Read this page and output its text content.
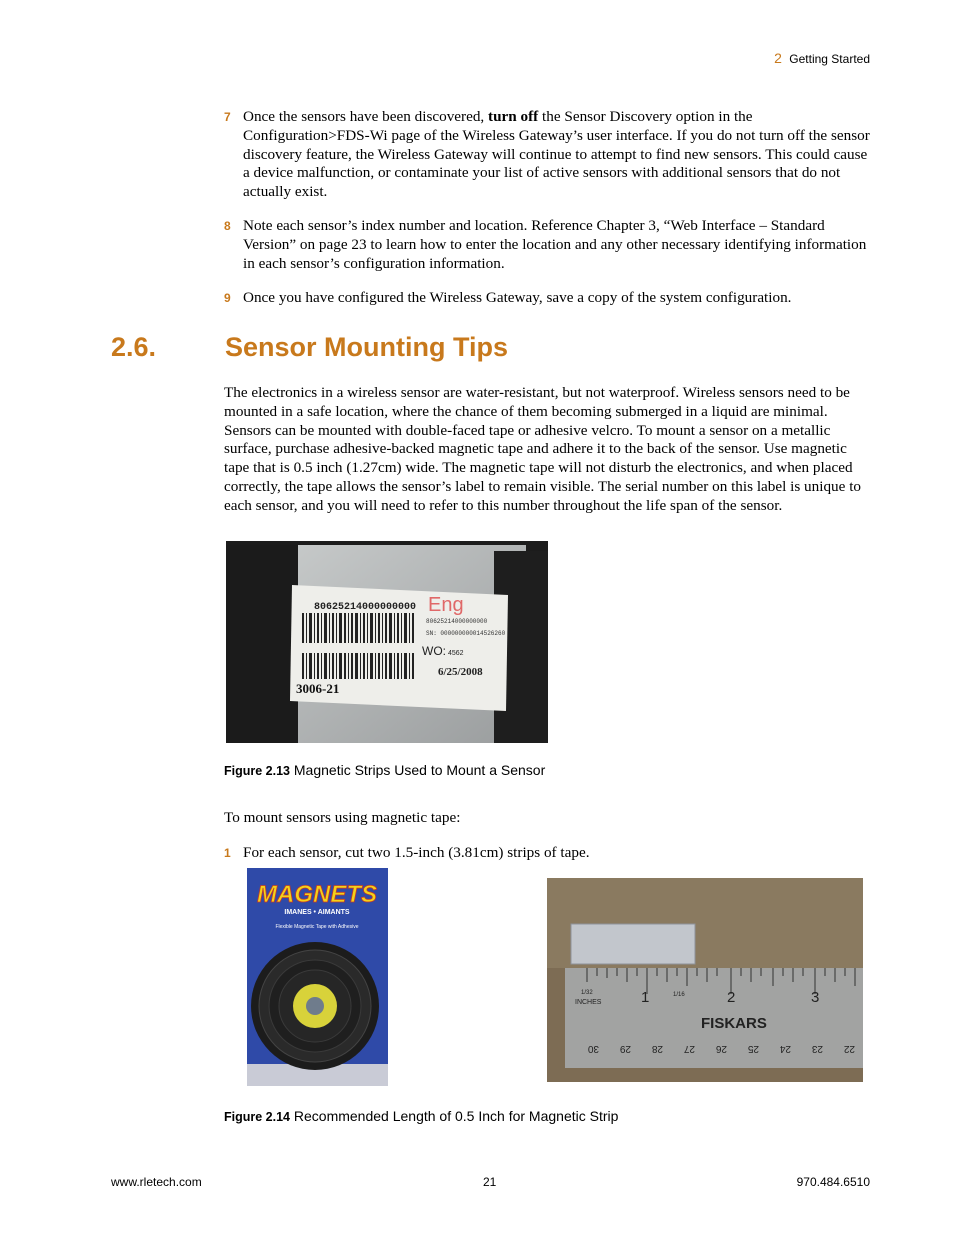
2 Getting Started
7 Once the sensors have been discovered, turn off the Sensor Discovery option in the Configuration>FDS-Wi page of the Wireless Gateway’s user interface. If you do not turn off the sensor discovery feature, the Wireless Gateway will continue to attempt to find new sensors. This could cause a device malfunction, or contaminate your list of active sensors with additional sensors that do not actually exist.
8 Note each sensor’s index number and location. Reference Chapter 3, “Web Interface – Standard Version” on page 23 to learn how to enter the location and any other necessary identifying information in each sensor’s configuration information.
9 Once you have configured the Wireless Gateway, save a copy of the system configuration.
2.6.	Sensor Mounting Tips
The electronics in a wireless sensor are water-resistant, but not waterproof. Wireless sensors need to be mounted in a safe location, where the chance of them becoming submerged in a liquid are minimal. Sensors can be mounted with double-faced tape or adhesive velcro. To mount a sensor on a metallic surface, purchase adhesive-backed magnetic tape and adhere it to the back of the sensor. Use magnetic tape that is 0.5 inch (1.27cm) wide. The magnetic tape will not disturb the electronics, and when placed correctly, the tape allows the sensor’s label to remain visible. The serial number on this label is unique to each sensor, and you will need to refer to this number throughout the life span of the sensor.
80625214000000000 Eng
80625214000000000
SN: 000000000014526260
WO: 4562
6/25/2008
3006-21
Figure 2.13 Magnetic Strips Used to Mount a Sensor
To mount sensors using magnetic tape:
1 For each sensor, cut two 1.5-inch (3.81cm) strips of tape.
MAGNETS
IMANES • AIMANTS
Flexible Magnetic Tape with Adhesive
1/32
INCHES
1/16
1	2	3
FISKARS
30 29 28 27 26 25 24 23 22
Figure 2.14 Recommended Length of 0.5 Inch for Magnetic Strip
www.rletech.com	21	970.484.6510
